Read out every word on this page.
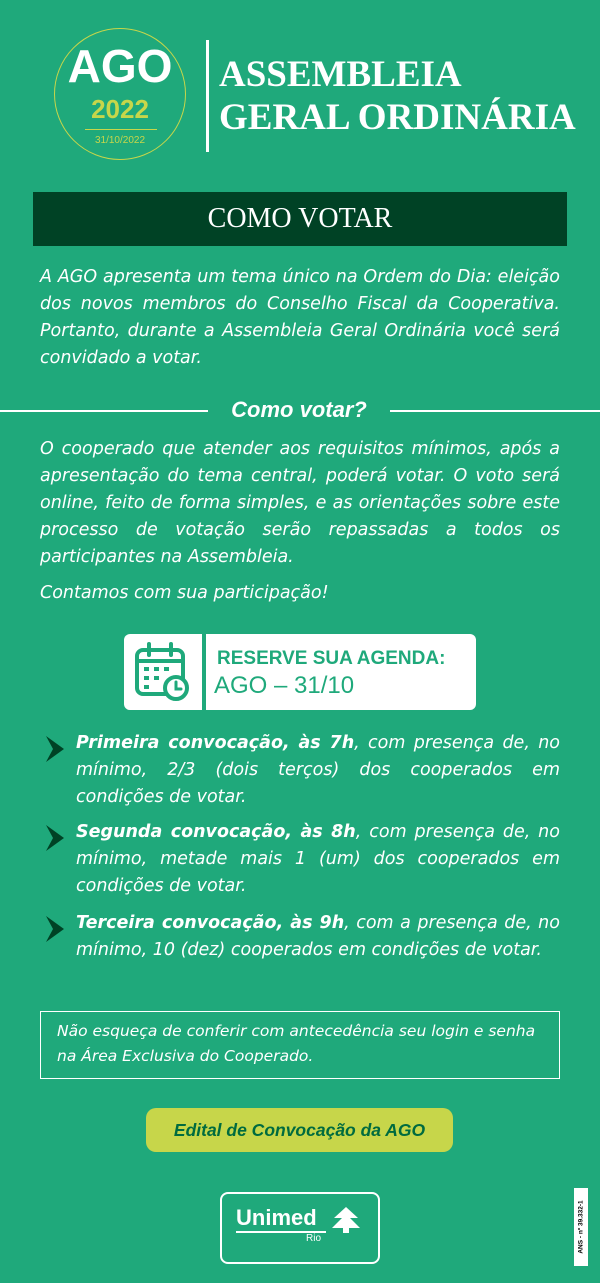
AGO
2022
31/10/2022
ASSEMBLEIA
GERAL ORDINÁRIA
COMO VOTAR

A AGO apresenta um tema único na Ordem do Dia: eleição dos novos membros do Conselho Fiscal da Cooperativa. Portanto, durante a Assembleia Geral Ordinária você será convidado a votar.

Como votar?

O cooperado que atender aos requisitos mínimos, após a apresentação do tema central, poderá votar. O voto será online, feito de forma simples, e as orientações sobre este processo de votação serão repassadas a todos os participantes na Assembleia.

Contamos com sua participação!

RESERVE SUA AGENDA:
AGO – 31/10

Primeira convocação, às 7h, com presença de, no mínimo, 2/3 (dois terços) dos cooperados em condições de votar.

Segunda convocação, às 8h, com presença de, no mínimo, metade mais 1 (um) dos cooperados em condições de votar.

Terceira convocação, às 9h, com a presença de, no mínimo, 10 (dez) cooperados em condições de votar.

Não esqueça de conferir com antecedência seu login e senha na Área Exclusiva do Cooperado.

Edital de Convocação da AGO
Unimed
Rio	ANS - nº 39.332-1
